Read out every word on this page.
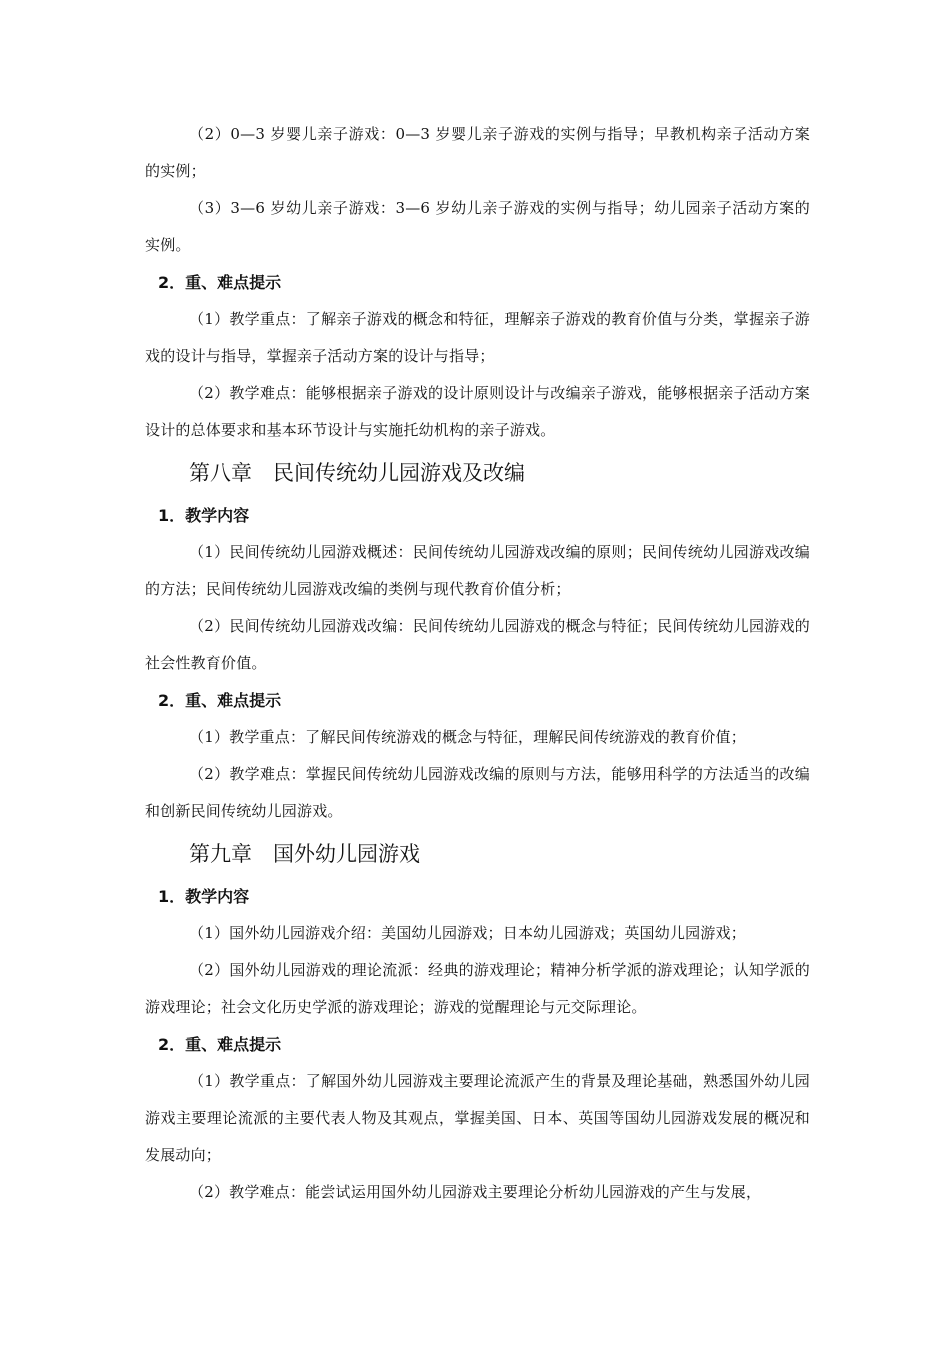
（2）0—3 岁婴儿亲子游戏：0—3 岁婴儿亲子游戏的实例与指导；早教机构亲子活动方案的实例；

（3）3—6 岁幼儿亲子游戏：3—6 岁幼儿亲子游戏的实例与指导；幼儿园亲子活动方案的实例。

2．重、难点提示

（1）教学重点：了解亲子游戏的概念和特征，理解亲子游戏的教育价值与分类，掌握亲子游戏的设计与指导，掌握亲子活动方案的设计与指导；

（2）教学难点：能够根据亲子游戏的设计原则设计与改编亲子游戏，能够根据亲子活动方案设计的总体要求和基本环节设计与实施托幼机构的亲子游戏。

第八章　民间传统幼儿园游戏及改编
1．教学内容

（1）民间传统幼儿园游戏概述：民间传统幼儿园游戏改编的原则；民间传统幼儿园游戏改编的方法；民间传统幼儿园游戏改编的类例与现代教育价值分析；

（2）民间传统幼儿园游戏改编：民间传统幼儿园游戏的概念与特征；民间传统幼儿园游戏的社会性教育价值。

2．重、难点提示

（1）教学重点：了解民间传统游戏的概念与特征，理解民间传统游戏的教育价值；

（2）教学难点：掌握民间传统幼儿园游戏改编的原则与方法，能够用科学的方法适当的改编和创新民间传统幼儿园游戏。

第九章　国外幼儿园游戏
1．教学内容

（1）国外幼儿园游戏介绍：美国幼儿园游戏；日本幼儿园游戏；英国幼儿园游戏；

（2）国外幼儿园游戏的理论流派：经典的游戏理论；精神分析学派的游戏理论；认知学派的游戏理论；社会文化历史学派的游戏理论；游戏的觉醒理论与元交际理论。

2．重、难点提示

（1）教学重点：了解国外幼儿园游戏主要理论流派产生的背景及理论基础，熟悉国外幼儿园游戏主要理论流派的主要代表人物及其观点，掌握美国、日本、英国等国幼儿园游戏发展的概况和发展动向；

（2）教学难点：能尝试运用国外幼儿园游戏主要理论分析幼儿园游戏的产生与发展，
